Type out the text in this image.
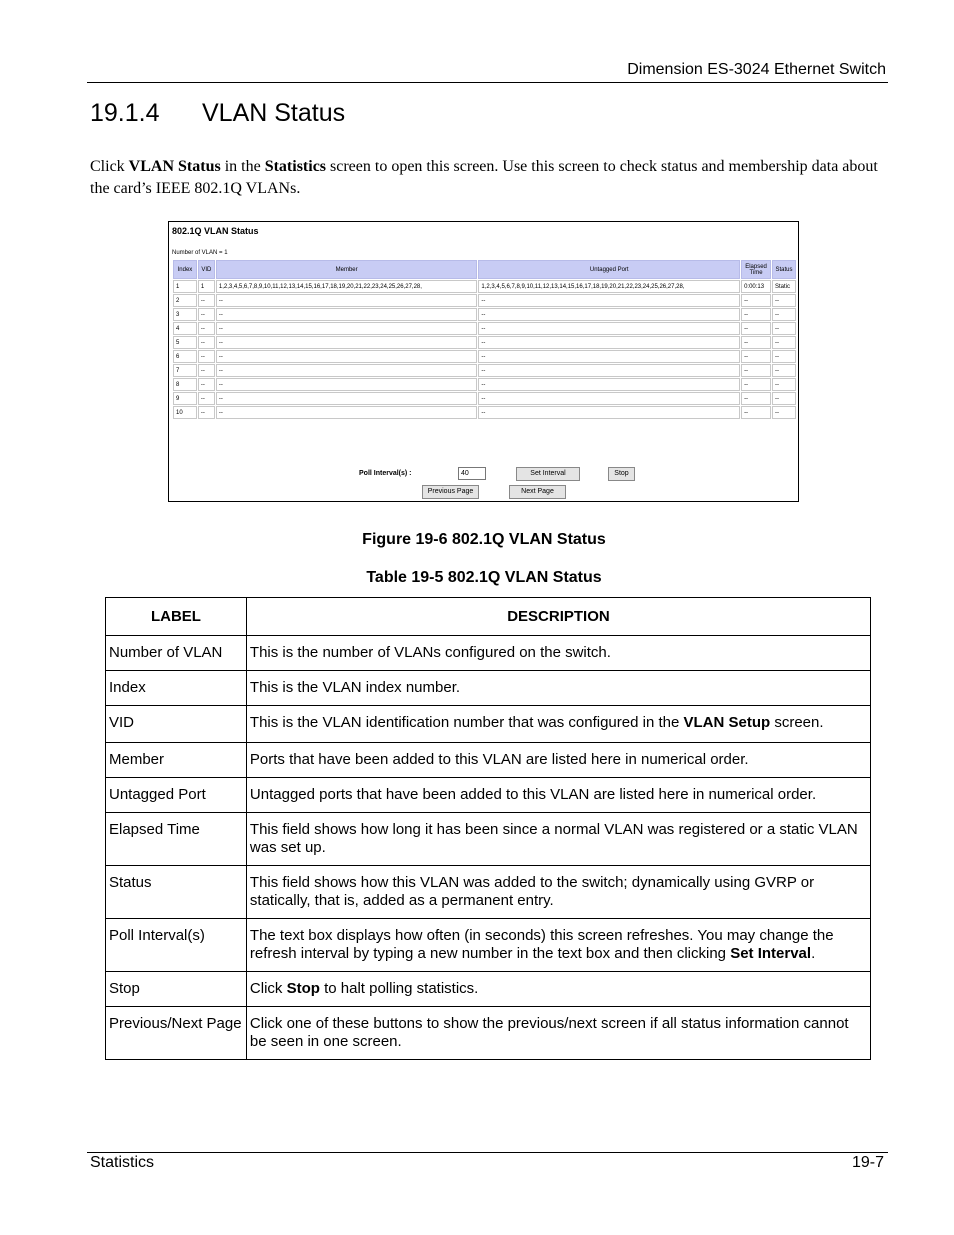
Dimension ES-3024 Ethernet Switch
19.1.4 VLAN Status

Click VLAN Status in the Statistics screen to open this screen. Use this screen to check status and membership data about the card’s IEEE 802.1Q VLANs.

802.1Q VLAN Status
Number of VLAN = 1
Index	VID	Member	Untagged Port	Elapsed Time	Status
1	1	1,2,3,4,5,6,7,8,9,10,11,12,13,14,15,16,17,18,19,20,21,22,23,24,25,26,27,28,	1,2,3,4,5,6,7,8,9,10,11,12,13,14,15,16,17,18,19,20,21,22,23,24,25,26,27,28,	0:00:13	Static
2	--	--	--	--	--
3	--	--	--	--	--
4	--	--	--	--	--
5	--	--	--	--	--
6	--	--	--	--	--
7	--	--	--	--	--
8	--	--	--	--	--
9	--	--	--	--	--
10	--	--	--	--	--
Poll Interval(s) :
40	Set Interval	Stop
Previous Page	Next Page
Figure 19-6 802.1Q VLAN Status
Table 19-5 802.1Q VLAN Status
LABEL	DESCRIPTION
Number of VLAN	This is the number of VLANs configured on the switch.
Index	This is the VLAN index number.
VID	This is the VLAN identification number that was configured in the VLAN Setup screen.
Member	Ports that have been added to this VLAN are listed here in numerical order.
Untagged Port	Untagged ports that have been added to this VLAN are listed here in numerical order.
Elapsed Time	This field shows how long it has been since a normal VLAN was registered or a static VLAN was set up.
Status	This field shows how this VLAN was added to the switch; dynamically using GVRP or statically, that is, added as a permanent entry.
Poll Interval(s)	The text box displays how often (in seconds) this screen refreshes. You may change the refresh interval by typing a new number in the text box and then clicking Set Interval.
Stop	Click Stop to halt polling statistics.
Previous/Next Page	Click one of these buttons to show the previous/next screen if all status information cannot be seen in one screen.
Statistics	19-7
